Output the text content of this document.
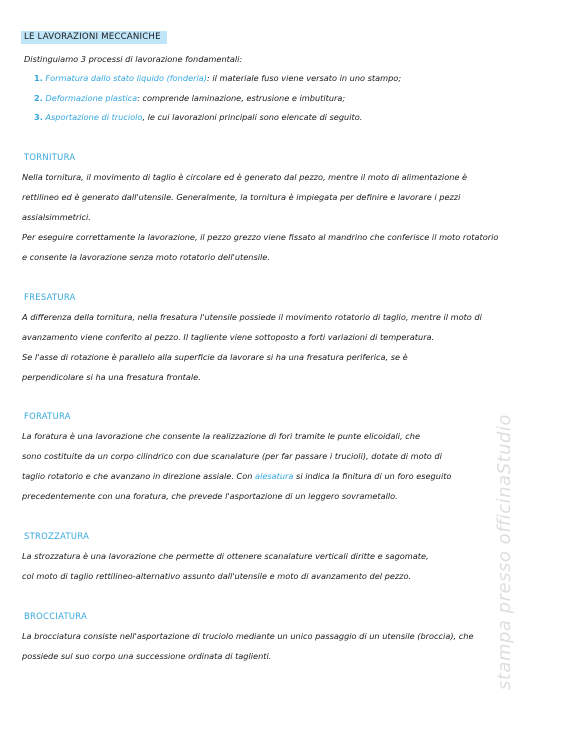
LE LAVORAZIONI MECCANICHE
Distinguiamo 3 processi di lavorazione fondamentali:
1. Formatura dallo stato liquido (fonderia): il materiale fuso viene versato in uno stampo;
2. Deformazione plastica: comprende laminazione, estrusione e imbutitura;
3. Asportazione di truciolo, le cui lavorazioni principali sono elencate di seguito.
TORNITURA
Nella tornitura, il movimento di taglio è circolare ed è generato dal pezzo, mentre il moto di alimentazione è
rettilineo ed è generato dall'utensile. Generalmente, la tornitura è impiegata per definire e lavorare i pezzi
assialsimmetrici.
Per eseguire correttamente la lavorazione, il pezzo grezzo viene fissato al mandrino che conferisce il moto rotatorio
e consente la lavorazione senza moto rotatorio dell'utensile.
FRESATURA
A differenza della tornitura, nella fresatura l'utensile possiede il movimento rotatorio di taglio, mentre il moto di
avanzamento viene conferito al pezzo. Il tagliente viene sottoposto a forti variazioni di temperatura.
Se l'asse di rotazione è parallelo alla superficie da lavorare si ha una fresatura periferica, se è
perpendicolare si ha una fresatura frontale.
FORATURA
La foratura è una lavorazione che consente la realizzazione di fori tramite le punte elicoidali, che
sono costituite da un corpo cilindrico con due scanalature (per far passare i trucioli), dotate di moto di
taglio rotatorio e che avanzano in direzione assiale. Con alesatura si indica la finitura di un foro eseguito
precedentemente con una foratura, che prevede l'asportazione di un leggero sovrametallo.
STROZZATURA
La strozzatura è una lavorazione che permette di ottenere scanalature verticali diritte e sagomate,
col moto di taglio rettilineo-alternativo assunto dall'utensile e moto di avanzamento del pezzo.
BROCCIATURA
La brocciatura consiste nell'asportazione di truciolo mediante un unico passaggio di un utensile (broccia), che
possiede sul suo corpo una successione ordinata di taglienti.	stampa presso officinaStudio
